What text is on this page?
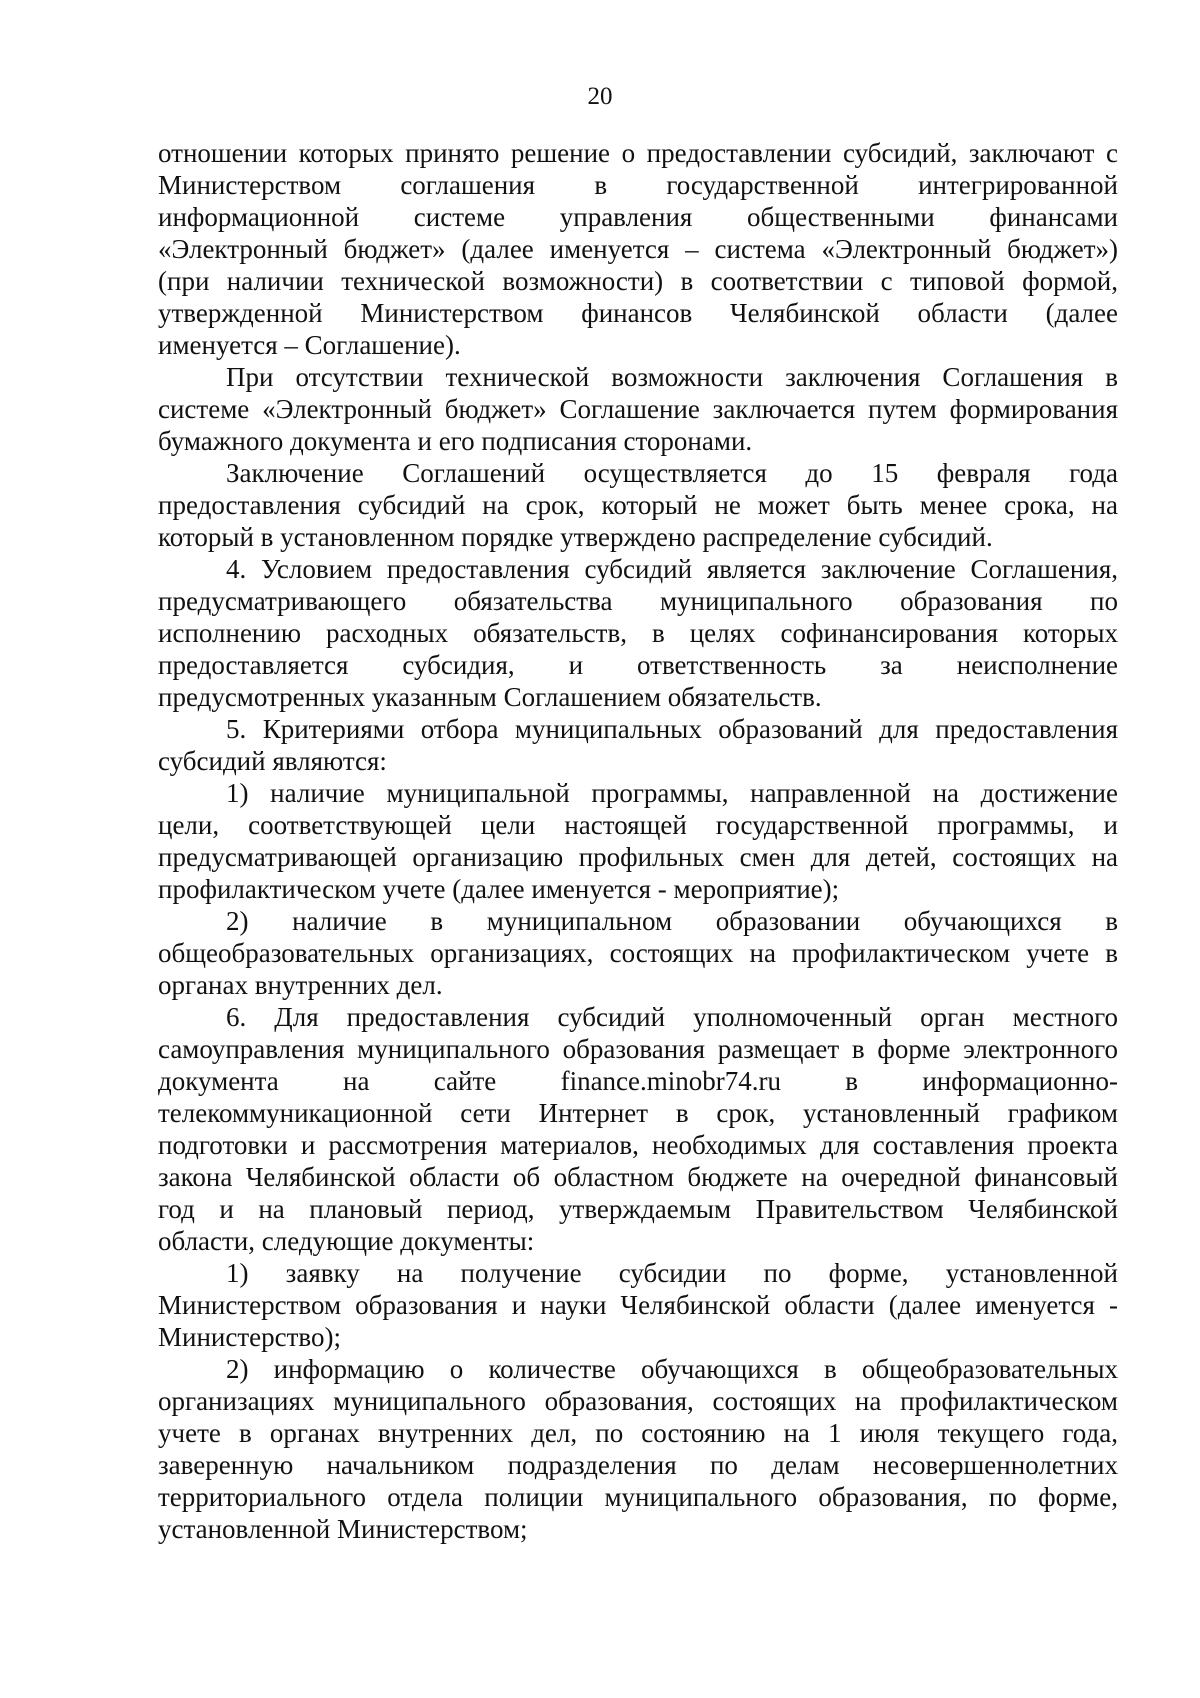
20
отношении которых принято решение о предоставлении субсидий, заключают с
Министерством соглашения в государственной интегрированной
информационной системе управления общественными финансами
«Электронный бюджет» (далее именуется – система «Электронный бюджет»)
(при наличии технической возможности) в соответствии с типовой формой,
утвержденной Министерством финансов Челябинской области (далее
именуется – Соглашение).
При отсутствии технической возможности заключения Соглашения в
системе «Электронный бюджет» Соглашение заключается путем формирования
бумажного документа и его подписания сторонами.
Заключение Соглашений осуществляется до 15 февраля года
предоставления субсидий на срок, который не может быть менее срока, на
который в установленном порядке утверждено распределение субсидий.
4. Условием предоставления субсидий является заключение Соглашения,
предусматривающего обязательства муниципального образования по
исполнению расходных обязательств, в целях софинансирования которых
предоставляется субсидия, и ответственность за неисполнение
предусмотренных указанным Соглашением обязательств.
5. Критериями отбора муниципальных образований для предоставления
субсидий являются:
1) наличие муниципальной программы, направленной на достижение
цели, соответствующей цели настоящей государственной программы, и
предусматривающей организацию профильных смен для детей, состоящих на
профилактическом учете (далее именуется - мероприятие);
2) наличие в муниципальном образовании обучающихся в
общеобразовательных организациях, состоящих на профилактическом учете в
органах внутренних дел.
6. Для предоставления субсидий уполномоченный орган местного
самоуправления муниципального образования размещает в форме электронного
документа на сайте finance.minobr74.ru в информационно-
телекоммуникационной сети Интернет в срок, установленный графиком
подготовки и рассмотрения материалов, необходимых для составления проекта
закона Челябинской области об областном бюджете на очередной финансовый
год и на плановый период, утверждаемым Правительством Челябинской
области, следующие документы:
1) заявку на получение субсидии по форме, установленной
Министерством образования и науки Челябинской области (далее именуется -
Министерство);
2) информацию о количестве обучающихся в общеобразовательных
организациях муниципального образования, состоящих на профилактическом
учете в органах внутренних дел, по состоянию на 1 июля текущего года,
заверенную начальником подразделения по делам несовершеннолетних
территориального отдела полиции муниципального образования, по форме,
установленной Министерством;
